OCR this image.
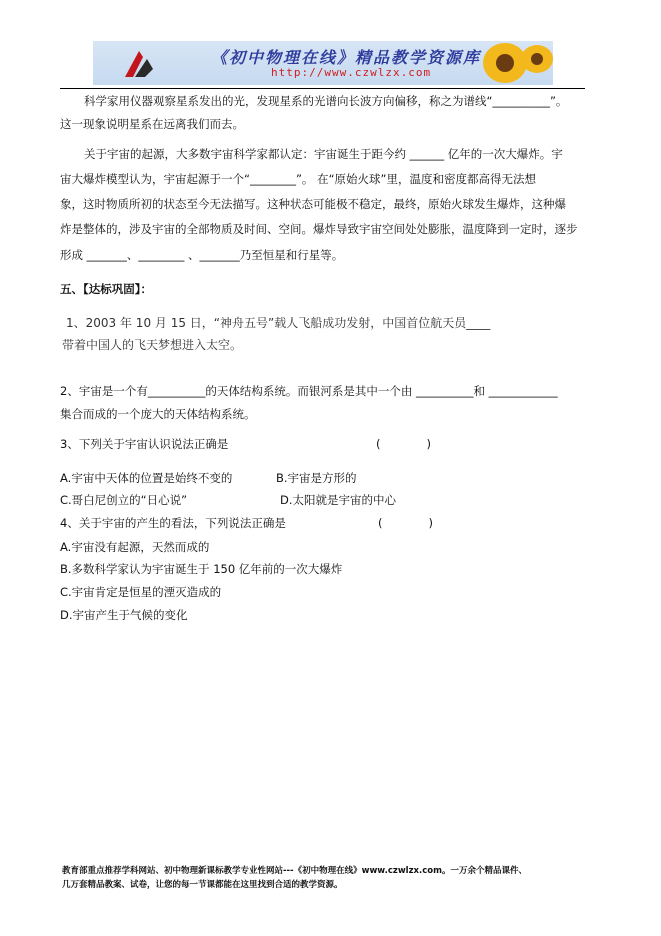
《初中物理在线》精品教学资源库
http://www.czwlzx.com
科学家用仪器观察星系发出的光，发现星系的光谱向长波方向偏移，称之为谱线“__________”。
这一现象说明星系在远离我们而去。
关于宇宙的起源，大多数宇宙科学家都认定：宇宙诞生于距今约 ______ 亿年的一次大爆炸。宇
宙大爆炸模型认为，宇宙起源于一个“________”。 在“原始火球”里，温度和密度都高得无法想
象，这时物质所初的状态至今无法描写。这种状态可能极不稳定，最终，原始火球发生爆炸，这种爆
炸是整体的，涉及宇宙的全部物质及时间、空间。爆炸导致宇宙空间处处膨胀，温度降到一定时，逐步
形成 _______、________ 、_______乃至恒星和行星等。
五、【达标巩固】：
1、2003 年 10 月 15 日，“神舟五号”载人飞船成功发射，中国首位航天员____
带着中国人的飞天梦想进入太空。
2、宇宙是一个有__________的天体结构系统。而银河系是其中一个由 __________和 ____________
集合而成的一个庞大的天体结构系统。
3、下列关于宇宙认识说法正确是	(　　　　)
A.宇宙中天体的位置是始终不变的	B.宇宙是方形的
C.哥白尼创立的“日心说”	D.太阳就是宇宙的中心
4、关于宇宙的产生的看法，下列说法正确是	(　　　　)
A.宇宙没有起源，天然而成的
B.多数科学家认为宇宙诞生于 150 亿年前的一次大爆炸
C.宇宙肯定是恒星的湮灭造成的
D.宇宙产生于气候的变化
教育部重点推荐学科网站、初中物理新课标教学专业性网站---《初中物理在线》www.czwlzx.com。一万余个精品课件、
几万套精品教案、试卷，让您的每一节课都能在这里找到合适的教学资源。
